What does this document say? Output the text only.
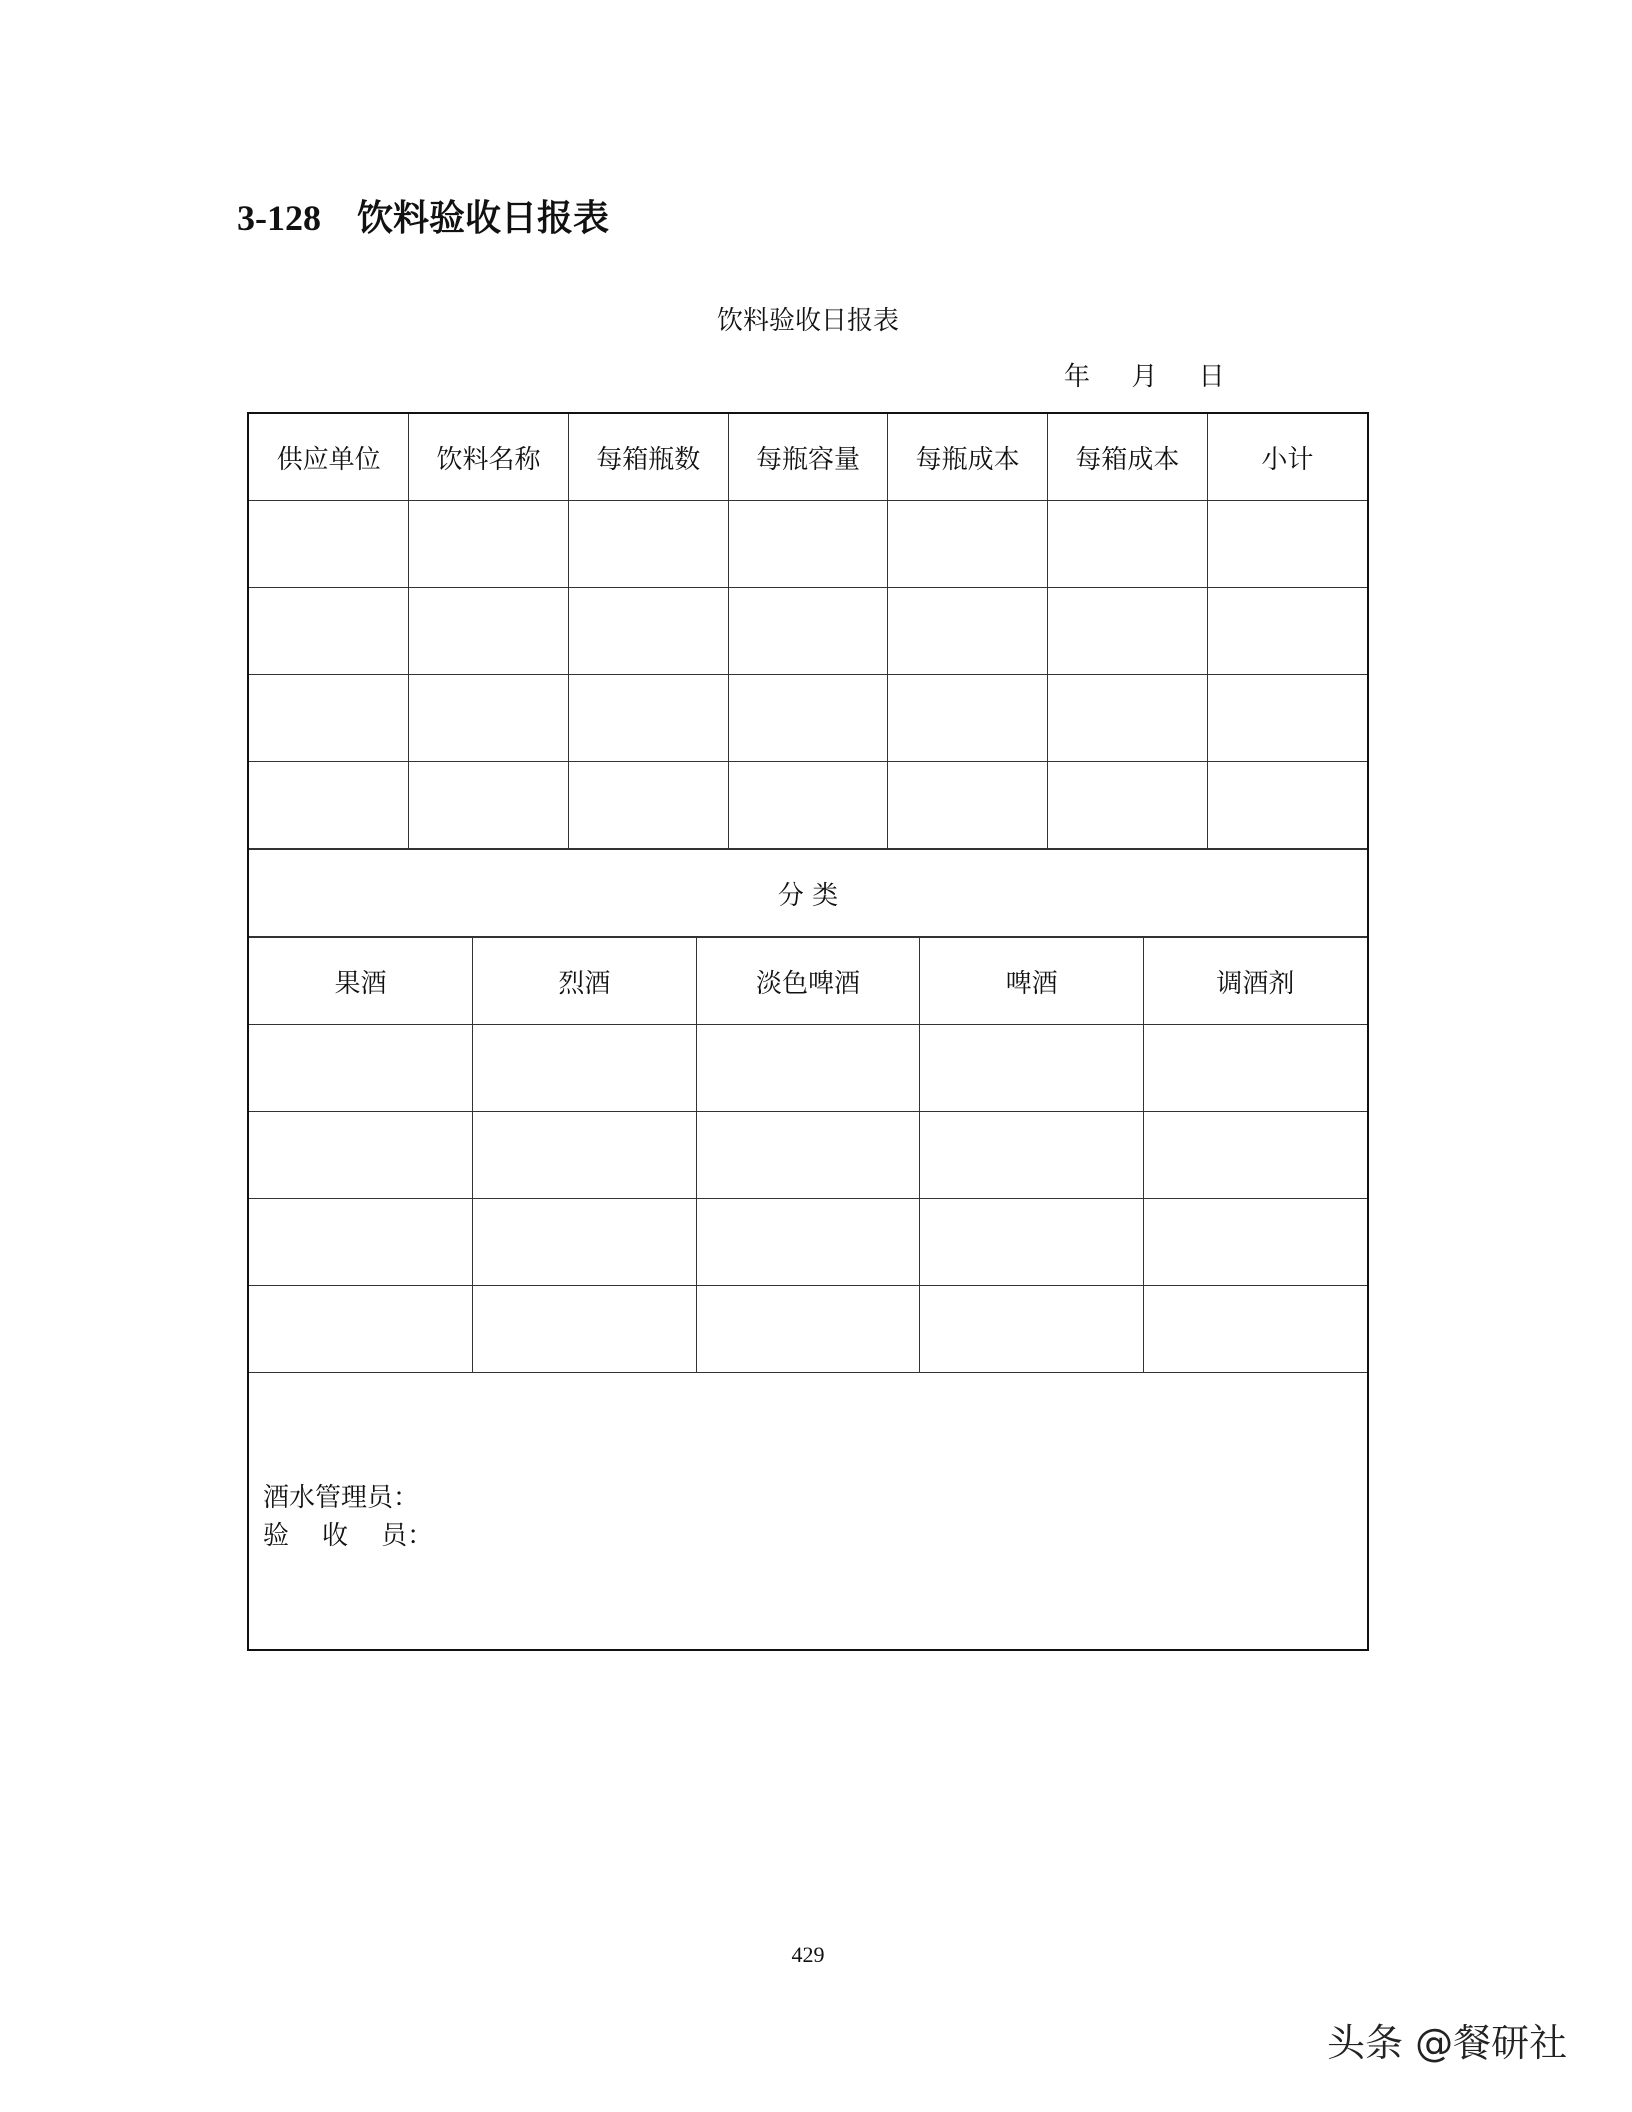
3-128    饮料验收日报表
饮料验收日报表
年     月     日
供应单位	饮料名称	每箱瓶数	每瓶容量	每瓶成本	每箱成本	小计

分 类
果酒	烈酒	淡色啤酒	啤酒	调酒剂

酒水管理员：
验    收    员：
429
头条 @餐研社
